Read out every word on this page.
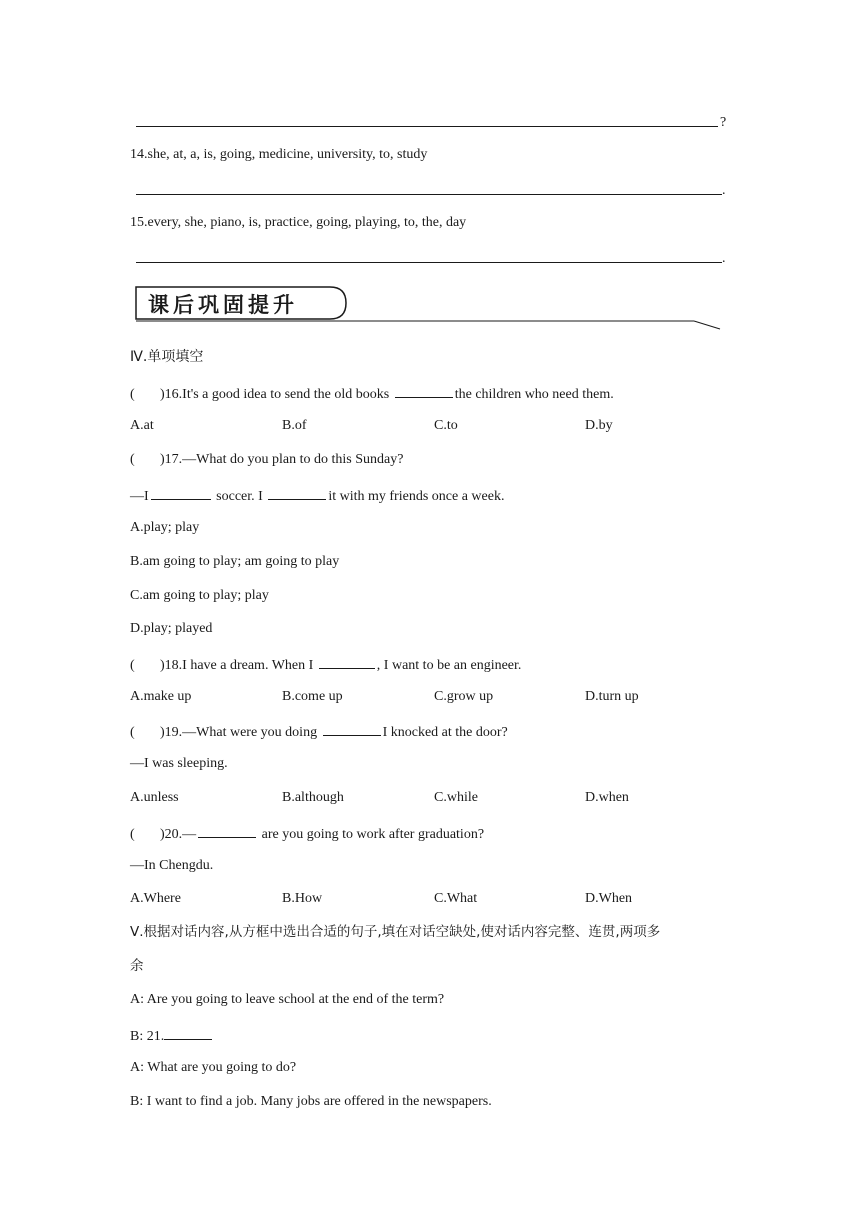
?
14.she, at, a, is, going, medicine, university, to, study
.
15.every, she, piano, is, practice, going, playing, to, the, day
.
课后巩固提升
Ⅳ.单项填空
( )16.It's a good idea to send the old books	the children who need them.
A.at	B.of	C.to	D.by
( )17.—What do you plan to do this Sunday?
—I	soccer. I	it with my friends once a week.
A.play; play
B.am going to play; am going to play
C.am going to play; play
D.play; played
( )18.I have a dream. When I	, I want to be an engineer.
A.make up	B.come up	C.grow up	D.turn up
( )19.—What were you doing	I knocked at the door?
—I was sleeping.
A.unless	B.although	C.while	D.when
( )20.—	are you going to work after graduation?
—In Chengdu.
A.Where	B.How	C.What	D.When
Ⅴ.根据对话内容,从方框中选出合适的句子,填在对话空缺处,使对话内容完整、连贯,两项多
余
A: Are you going to leave school at the end of the term?
B: 21.
A: What are you going to do?
B: I want to find a job. Many jobs are offered in the newspapers.
